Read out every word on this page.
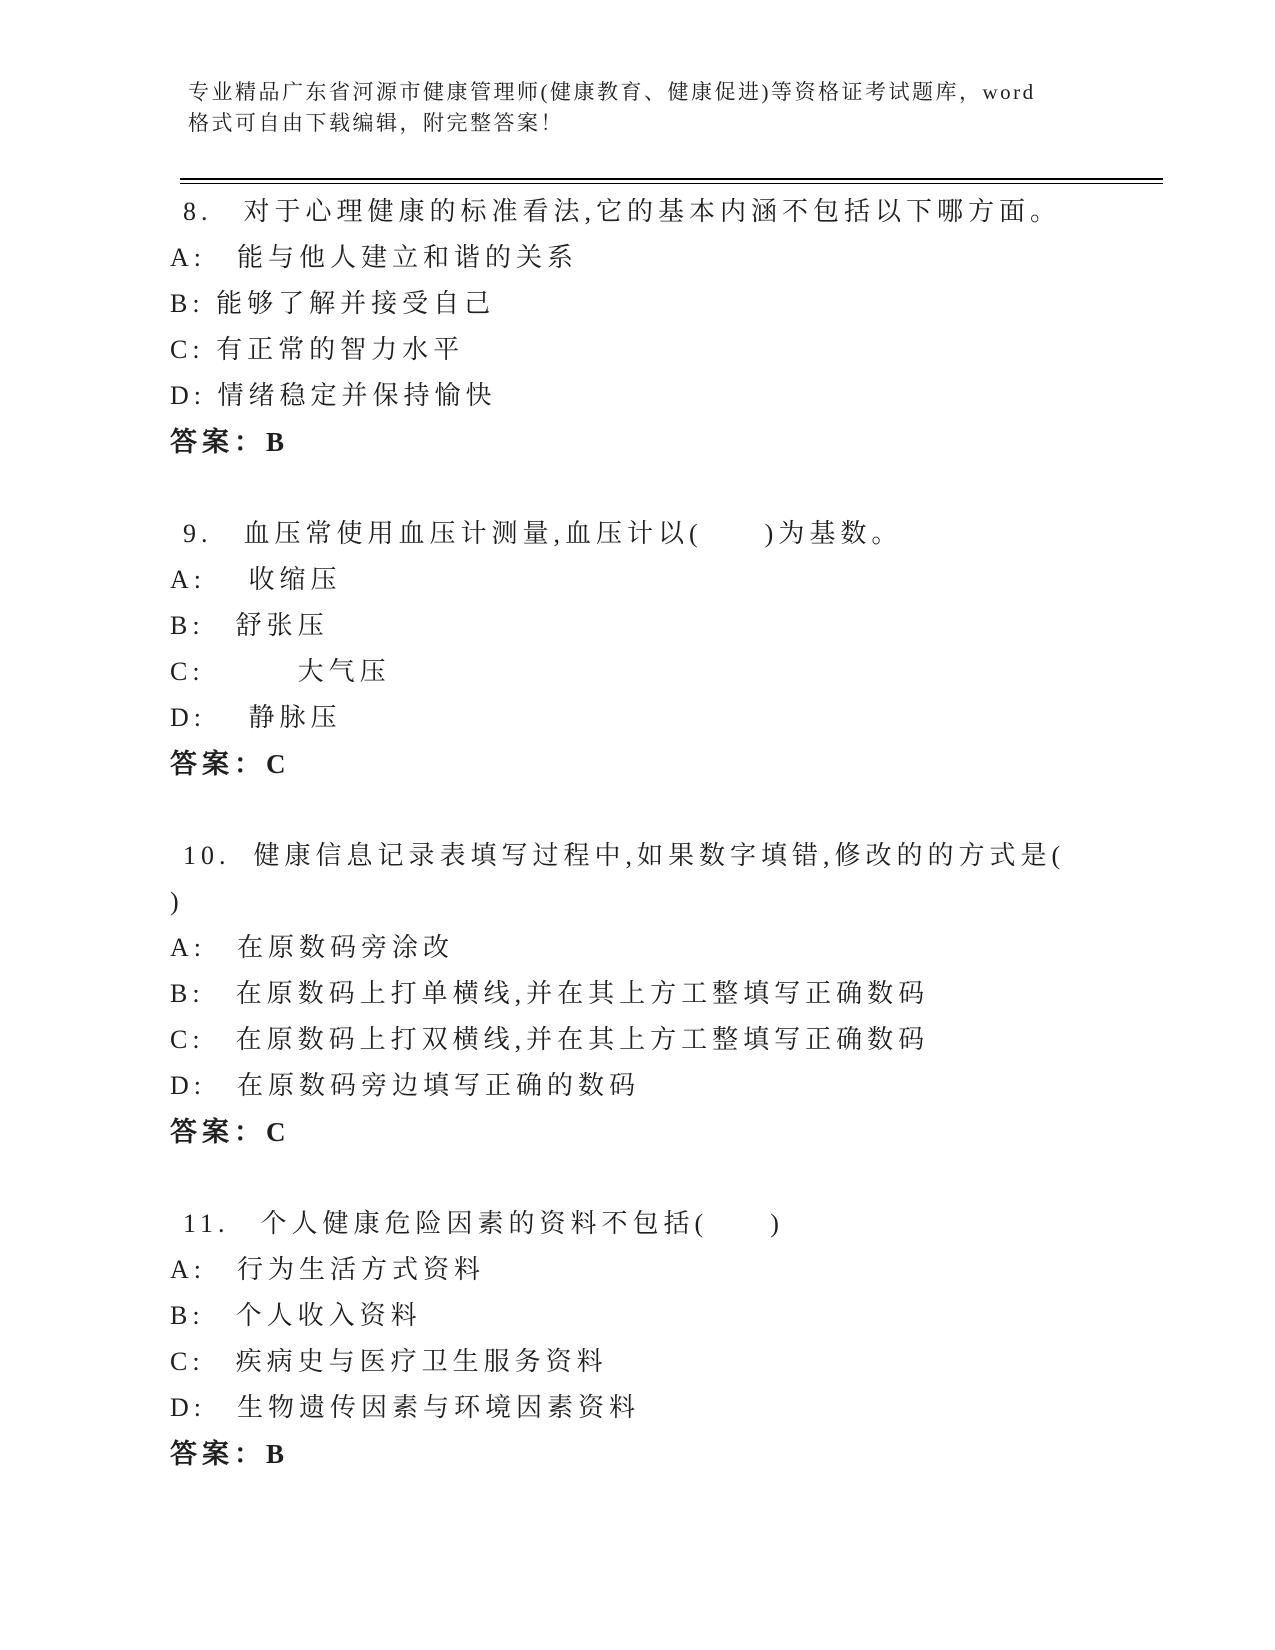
专业精品广东省河源市健康管理师(健康教育、健康促进)等资格证考试题库，word

格式可自由下载编辑，附完整答案！

8.　对于心理健康的标准看法,它的基本内涵不包括以下哪方面。

A:　能与他人建立和谐的关系

B: 能够了解并接受自己

C: 有正常的智力水平

D: 情绪稳定并保持愉快

答案：B

9.　血压常使用血压计测量,血压计以(　　)为基数。

A: 　收缩压

B:　舒张压

C:　　　大气压

D:　 静脉压

答案：C

10.  健康信息记录表填写过程中,如果数字填错,修改的的方式是(

)

A:　在原数码旁涂改

B:　在原数码上打单横线,并在其上方工整填写正确数码

C:　在原数码上打双横线,并在其上方工整填写正确数码

D:　在原数码旁边填写正确的数码

答案：C

11.　个人健康危险因素的资料不包括(　　)

A:　行为生活方式资料

B:　个人收入资料

C:　疾病史与医疗卫生服务资料

D:　生物遗传因素与环境因素资料

答案：B
